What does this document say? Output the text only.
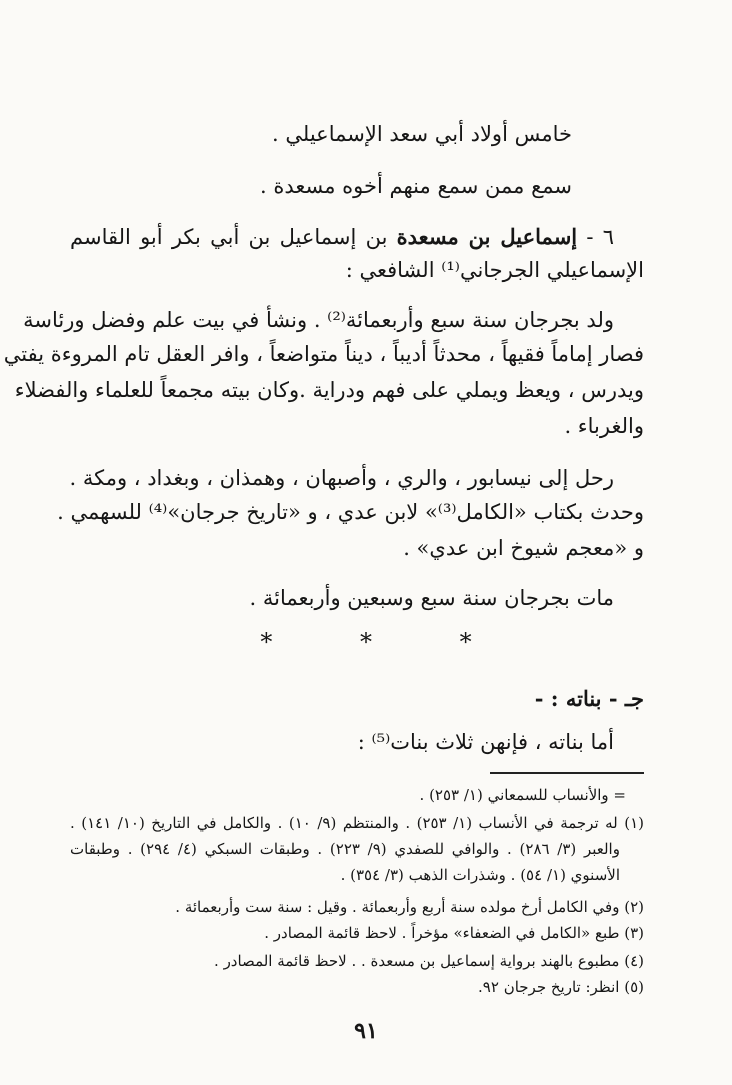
خامس أولاد أبي سعد الإسماعيلي .
سمع ممن سمع منهم أخوه مسعدة .
٦ - إسماعيل بن مسعدة بن إسماعيل بن أبي بكر أبو القاسم
الإسماعيلي الجرجاني⁽¹⁾ الشافعي :
ولد بجرجان سنة سبع وأربعمائة⁽²⁾ . ونشأ في بيت علم وفضل ورئاسة
فصار إماماً فقيهاً ، محدثاً أديباً ، ديناً متواضعاً ، وافر العقل تام المروءة يفتي
ويدرس ، ويعظ ويملي على فهم ودراية .وكان بيته مجمعاً للعلماء والفضلاء
والغرباء .
رحل إلى نيسابور ، والري ، وأصبهان ، وهمذان ، وبغداد ، ومكة .
وحدث بكتاب «الكامل⁽³⁾» لابن عدي ، و «تاريخ جرجان»⁽⁴⁾ للسهمي .
و «معجم شيوخ ابن عدي» .
مات بجرجان سنة سبع وسبعين وأربعمائة .
جـ - بناته : -
أما بناته ، فإنهن ثلاث بنات⁽⁵⁾ :
* * *
= والأنساب للسمعاني (١/ ٢٥٣) .
(١) له ترجمة في الأنساب (١/ ٢٥٣) . والمنتظم (٩/ ١٠) . والكامل في التاريخ (١٠/ ١٤١) .
والعبر (٣/ ٢٨٦) . والوافي للصفدي (٩/ ٢٢٣) . وطبقات السبكي (٤/ ٢٩٤) . وطبقات
الأسنوي (١/ ٥٤) . وشذرات الذهب (٣/ ٣٥٤) .
(٢) وفي الكامل أرخ مولده سنة أربع وأربعمائة . وقيل : سنة ست وأربعمائة .
(٣) طبع «الكامل في الضعفاء» مؤخراً . لاحظ قائمة المصادر .
(٤) مطبوع بالهند برواية إسماعيل بن مسعدة . . لاحظ قائمة المصادر .
(٥) انظر: تاريخ جرجان ٩٢.
٩١
